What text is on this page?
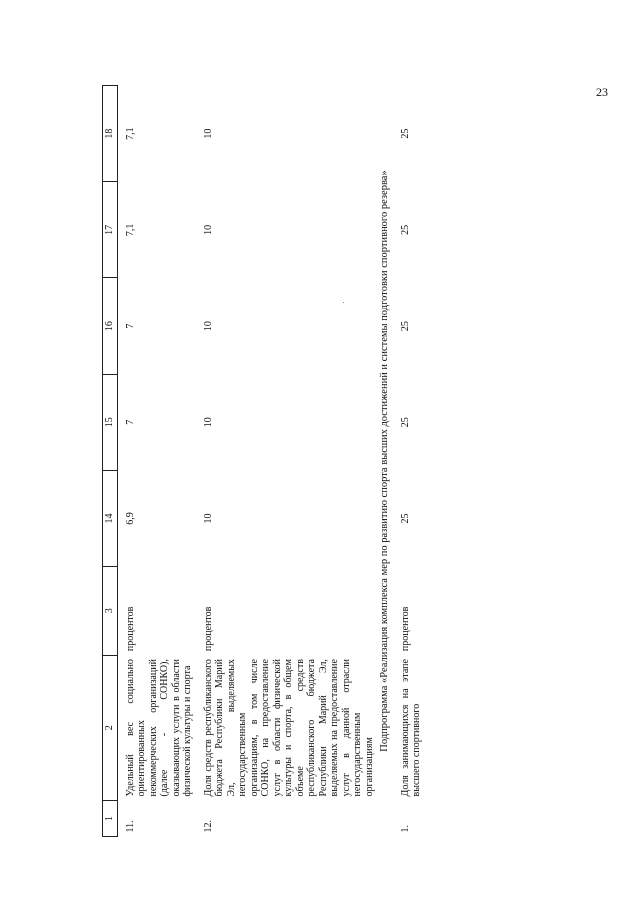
23
1	2	3	14	15	16	17	18
11.	Удельный вес социально ориентированных некоммерческих организаций (далее - СОНКО), оказывающих услуги в области физической культуры и спорта	процентов	6,9	7	7	7,1	7,1
12.	Доля средств республиканского бюджета Республики Марий Эл, выделяемых негосударственным организациям, в том числе СОНКО, на предоставление услуг в области физической культуры и спорта, в общем объеме средств республиканского бюджета Республики Марий Эл, выделяемых на предоставление услуг в данной отрасли негосударственным организациям	процентов	10	10	10	10	10
Подпрограмма «Реализация комплекса мер по развитию спорта высших достижений и системы подготовки спортивного резерва»							
1.	Доля занимающихся на этапе высшего спортивного	процентов	25	25	25	25	25
